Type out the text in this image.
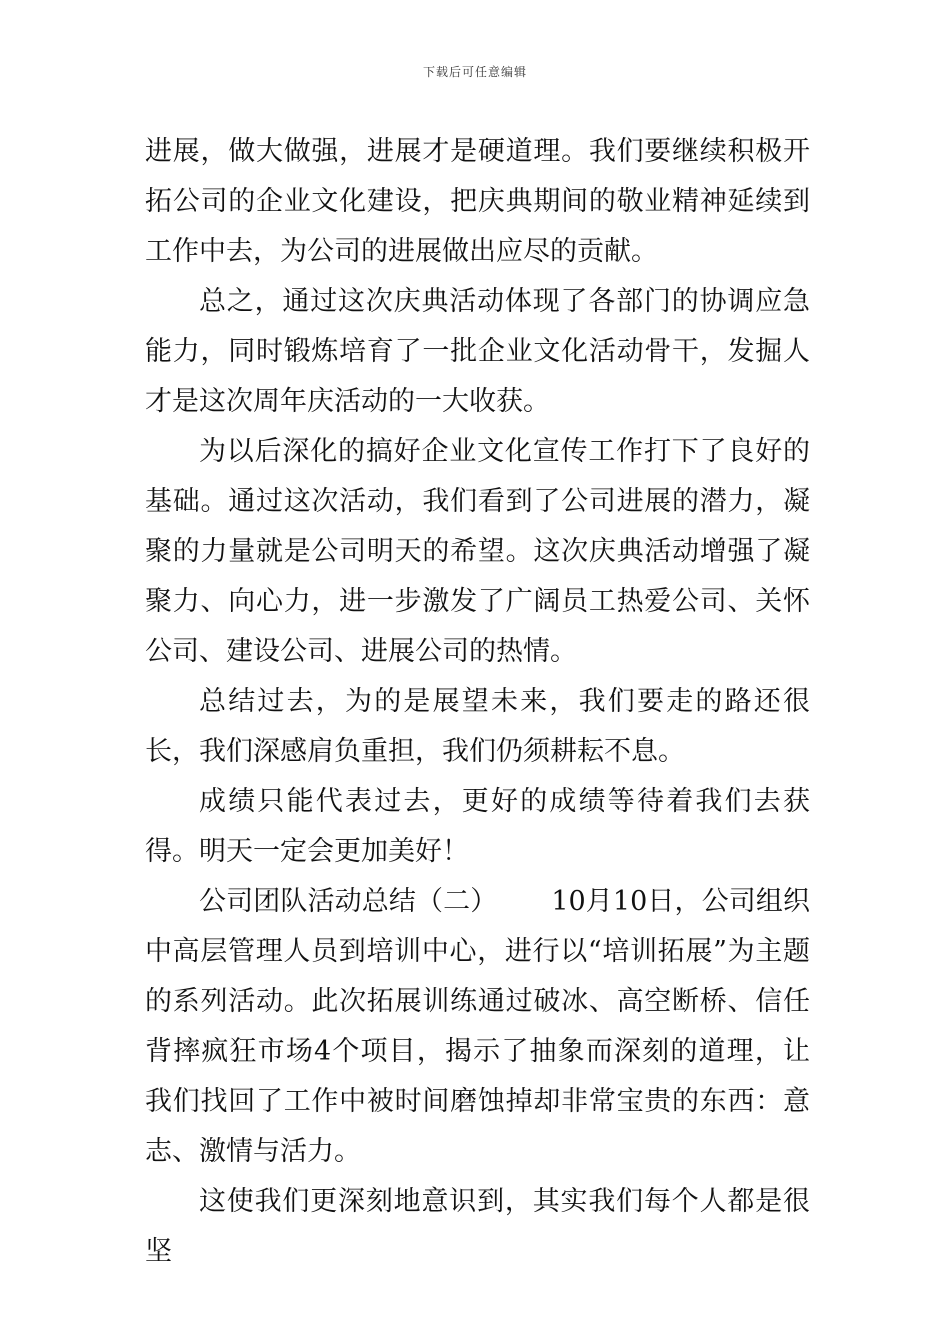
下载后可任意编辑

进展，做大做强，进展才是硬道理。我们要继续积极开拓公司的企业文化建设，把庆典期间的敬业精神延续到工作中去，为公司的进展做出应尽的贡献。

总之，通过这次庆典活动体现了各部门的协调应急能力，同时锻炼培育了一批企业文化活动骨干，发掘人才是这次周年庆活动的一大收获。

为以后深化的搞好企业文化宣传工作打下了良好的基础。通过这次活动，我们看到了公司进展的潜力，凝聚的力量就是公司明天的希望。这次庆典活动增强了凝聚力、向心力，进一步激发了广阔员工热爱公司、关怀公司、建设公司、进展公司的热情。

总结过去，为的是展望未来，我们要走的路还很长，我们深感肩负重担，我们仍须耕耘不息。

成绩只能代表过去，更好的成绩等待着我们去获得。明天一定会更加美好！

公司团队活动总结（二） 10月10日，公司组织中高层管理人员到培训中心，进行以“培训拓展”为主题的系列活动。此次拓展训练通过破冰、高空断桥、信任背摔疯狂市场4个项目，揭示了抽象而深刻的道理，让我们找回了工作中被时间磨蚀掉却非常宝贵的东西：意志、激情与活力。

这使我们更深刻地意识到，其实我们每个人都是很坚
